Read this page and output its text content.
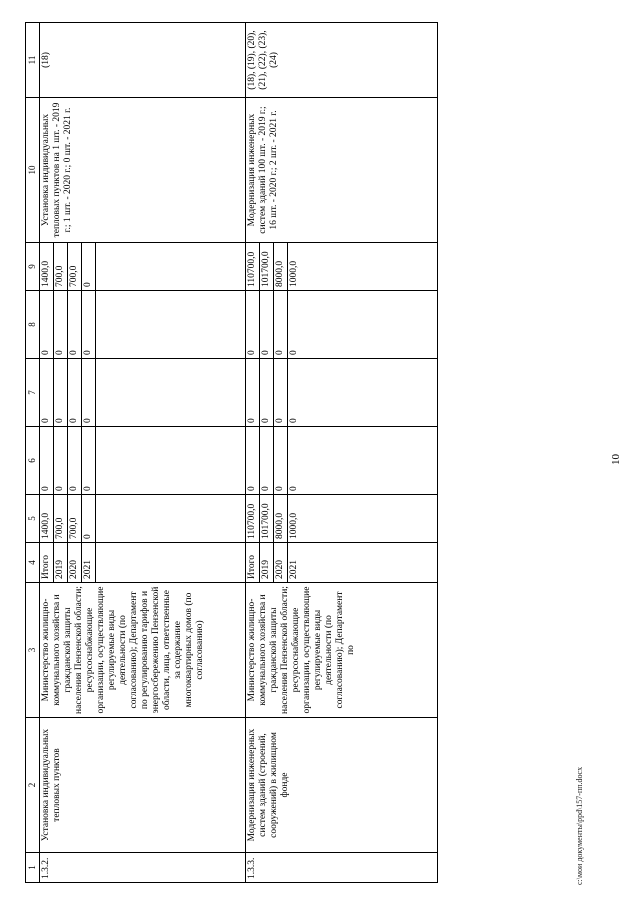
10
1	2	3	4	5	6	7	8	9	10	11
1.3.2.	Установка индивидуальных тепловых пунктов	Министерство жилищно-коммунального хозяйства и гражданской защиты населения Пензенской области; ресурсоснабжающие организации, осуществляющие регулируемые виды деятельности (по согласованию); Департамент по регулированию тарифов и энергосбережению Пензенской области, лица, ответственные за содержание многоквартирных домов (по согласованию)	Итого	1400,0	0	0	0	1400,0	Установка индивидуальных тепловых пунктов на 1 шт. - 2019 г.; 1 шт. - 2020 г.; 0 шт. - 2021 г.	(18)
			2019	700,0	0	0	0	700,0		
			2020	700,0	0	0	0	700,0		
			2021	0	0	0	0	0		

1.3.3.	Модернизация инженерных систем зданий (строений, сооружений) в жилищном фонде	Министерство жилищно-коммунального хозяйства и гражданской защиты населения Пензенской области; ресурсоснабжающие организации, осуществляющие регулируемые виды деятельности (по согласованию); Департамент по	Итого	110700,0	0	0	0	110700,0	Модернизация инженерных систем зданий 100 шт. - 2019 г.; 16 шт. - 2020 г.; 2 шт. - 2021 г.	(18), (19), (20), (21), (22), (23), (24)
			2019	101700,0	0	0	0	101700,0		
			2020	8000,0	0	0	0	8000,0		
			2021	1000,0	0	0	0	1000,0		
c:\мои документы\ppd\157-пп.docx
